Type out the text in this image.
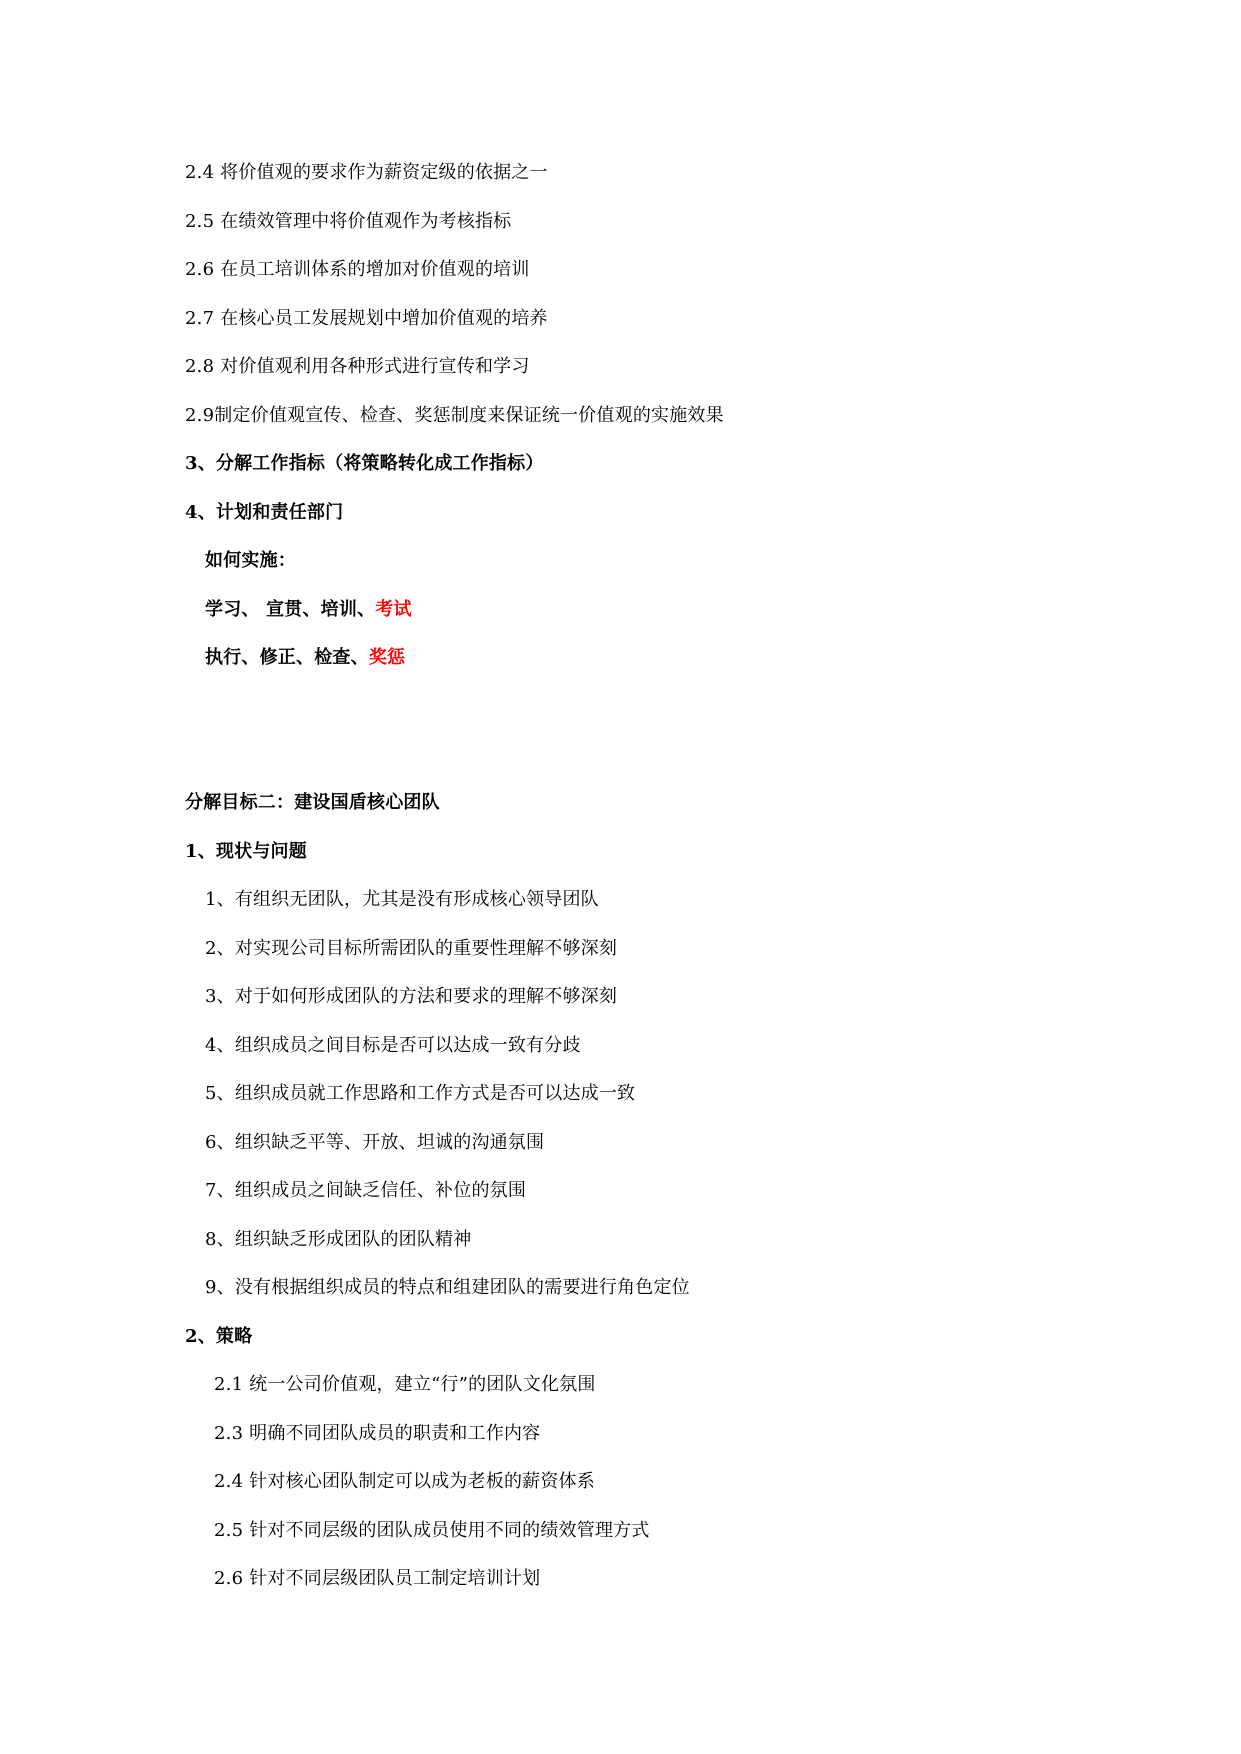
2.4 将价值观的要求作为薪资定级的依据之一
2.5 在绩效管理中将价值观作为考核指标
2.6 在员工培训体系的增加对价值观的培训
2.7 在核心员工发展规划中增加价值观的培养
2.8 对价值观利用各种形式进行宣传和学习
2.9制定价值观宣传、检查、奖惩制度来保证统一价值观的实施效果
3、分解工作指标（将策略转化成工作指标）
4、计划和责任部门
如何实施：
学习、 宣贯、培训、考试
执行、修正、检查、奖惩
分解目标二：建设国盾核心团队
1、现状与问题
1、有组织无团队，尤其是没有形成核心领导团队
2、对实现公司目标所需团队的重要性理解不够深刻
3、对于如何形成团队的方法和要求的理解不够深刻
4、组织成员之间目标是否可以达成一致有分歧
5、组织成员就工作思路和工作方式是否可以达成一致
6、组织缺乏平等、开放、坦诚的沟通氛围
7、组织成员之间缺乏信任、补位的氛围
8、组织缺乏形成团队的团队精神
9、没有根据组织成员的特点和组建团队的需要进行角色定位
2、策略
2.1 统一公司价值观，建立“行”的团队文化氛围
2.3 明确不同团队成员的职责和工作内容
2.4 针对核心团队制定可以成为老板的薪资体系
2.5 针对不同层级的团队成员使用不同的绩效管理方式
2.6 针对不同层级团队员工制定培训计划
